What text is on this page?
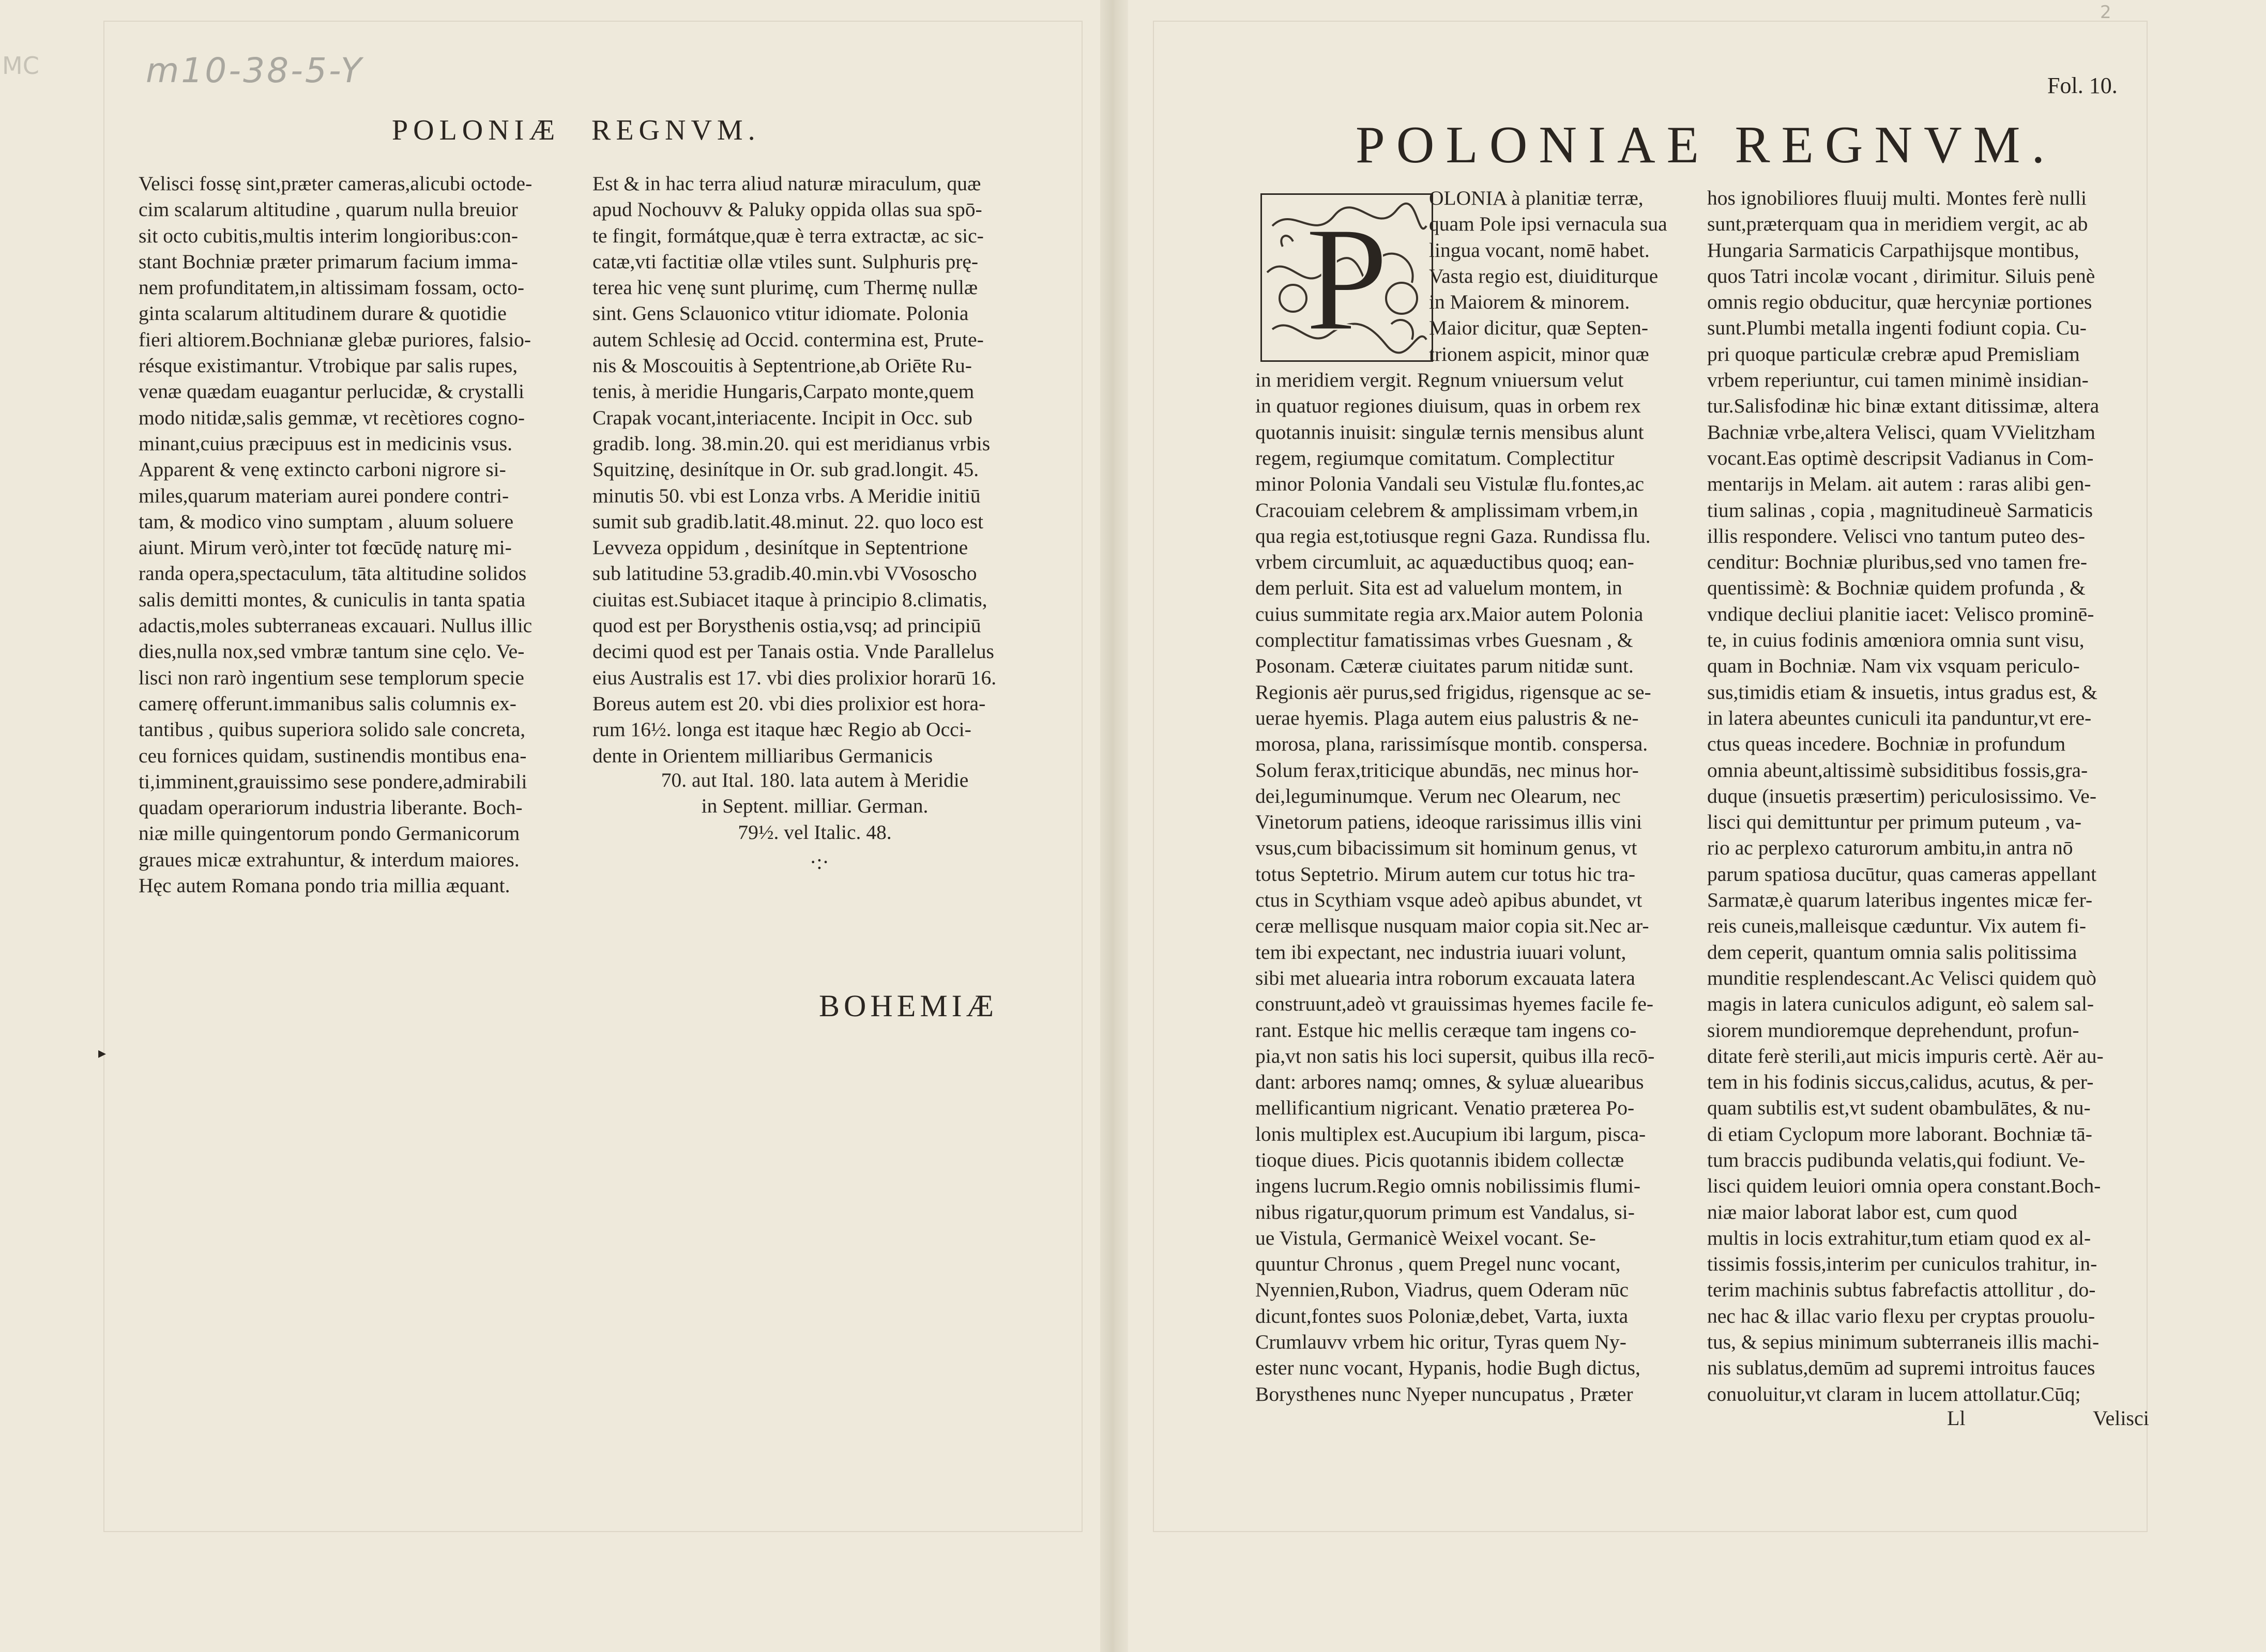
MC	m10-38-5-Y
2
POLONIÆ REGNVM.
Velisci fossę sint,præter cameras,alicubi octode-
cim scalarum altitudine , quarum nulla breuior
sit octo cubitis,multis interim longioribus:con-
stant Bochniæ præter primarum facium imma-
nem profunditatem,in altissimam fossam, octo-
ginta scalarum altitudinem durare & quotidie
fieri altiorem.Bochnianæ glebæ puriores, falsio-
résque existimantur. Vtrobique par salis rupes,
venæ quædam euagantur perlucidæ, & crystalli
modo nitidæ,salis gemmæ, vt recètiores cogno-
minant,cuius præcipuus est in medicinis vsus.
Apparent & venę extincto carboni nigrore si-
miles,quarum materiam aurei pondere contri-
tam, & modico vino sumptam , aluum soluere
aiunt. Mirum verò,inter tot fœcūdę naturę mi-
randa opera,spectaculum, tāta altitudine solidos
salis demitti montes, & cuniculis in tanta spatia
adactis,moles subterraneas excauari. Nullus illic
dies,nulla nox,sed vmbræ tantum sine cęlo. Ve-
lisci non rarò ingentium sese templorum specie
camerę offerunt.immanibus salis columnis ex-
tantibus , quibus superiora solido sale concreta,
ceu fornices quidam, sustinendis montibus ena-
ti,imminent,grauissimo sese pondere,admirabili
quadam operariorum industria liberante. Boch-
niæ mille quingentorum pondo Germanicorum
graues micæ extrahuntur, & interdum maiores.
Hęc autem Romana pondo tria millia æquant.
Est & in hac terra aliud naturæ miraculum, quæ
apud Nochouvv & Paluky oppida ollas sua spō-
te fingit, formátque,quæ è terra extractæ, ac sic-
catæ,vti factitiæ ollæ vtiles sunt. Sulphuris prę-
terea hic venę sunt plurimę, cum Thermę nullæ
sint. Gens Sclauonico vtitur idiomate. Polonia
autem Schlesię ad Occid. contermina est, Prute-
nis & Moscouitis à Septentrione,ab Oriēte Ru-
tenis, à meridie Hungaris,Carpato monte,quem
Crapak vocant,interiacente. Incipit in Occ. sub
gradib. long. 38.min.20. qui est meridianus vrbis
Squitzinę, desinítque in Or. sub grad.longit. 45.
minutis 50. vbi est Lonza vrbs. A Meridie initiū
sumit sub gradib.latit.48.minut. 22. quo loco est
Levveza oppidum , desinítque in Septentrione
sub latitudine 53.gradib.40.min.vbi VVososcho
ciuitas est.Subiacet itaque à principio 8.climatis,
quod est per Borysthenis ostia,vsq; ad principiū
decimi quod est per Tanais ostia. Vnde Parallelus
eius Australis est 17. vbi dies prolixior horarū 16.
Boreus autem est 20. vbi dies prolixior est hora-
rum 16½. longa est itaque hæc Regio ab Occi-
dente in Orientem milliaribus Germanicis
70. aut Ital. 180. lata autem à Meridie
in Septent. milliar. German.
79½. vel Italic. 48.
·:·
BOHEMIÆ
▸
Fol. 10.
POLONIAE REGNVM.
P	OLONIA à planitiæ terræ,
quam Pole ipsi vernacula sua
lingua vocant, nomē habet.
Vasta regio est, diuiditurque
in Maiorem & minorem.
Maior dicitur, quæ Septen-
trionem aspicit, minor quæ
in meridiem vergit. Regnum vniuersum velut
in quatuor regiones diuisum, quas in orbem rex
quotannis inuisit: singulæ ternis mensibus alunt
regem, regiumque comitatum. Complectitur
minor Polonia Vandali seu Vistulæ flu.fontes,ac
Cracouiam celebrem & amplissimam vrbem,in
qua regia est,totiusque regni Gaza. Rundissa flu.
vrbem circumluit, ac aquæductibus quoq; ean-
dem perluit. Sita est ad valuelum montem, in
cuius summitate regia arx.Maior autem Polonia
complectitur famatissimas vrbes Guesnam , &
Posonam. Cæteræ ciuitates parum nitidæ sunt.
Regionis aër purus,sed frigidus, rigensque ac se-
uerae hyemis. Plaga autem eius palustris & ne-
morosa, plana, rarissimísque montib. conspersa.
Solum ferax,triticique abundās, nec minus hor-
dei,leguminumque. Verum nec Olearum, nec
Vinetorum patiens, ideoque rarissimus illis vini
vsus,cum bibacissimum sit hominum genus, vt
totus Septetrio. Mirum autem cur totus hic tra-
ctus in Scythiam vsque adeò apibus abundet, vt
ceræ mellisque nusquam maior copia sit.Nec ar-
tem ibi expectant, nec industria iuuari volunt,
sibi met aluearia intra roborum excauata latera
construunt,adeò vt grauissimas hyemes facile fe-
rant. Estque hic mellis ceræque tam ingens co-
pia,vt non satis his loci supersit, quibus illa recō-
dant: arbores namq; omnes, & syluæ aluearibus
mellificantium nigricant. Venatio præterea Po-
lonis multiplex est.Aucupium ibi largum, pisca-
tioque diues. Picis quotannis ibidem collectæ
ingens lucrum.Regio omnis nobilissimis flumi-
nibus rigatur,quorum primum est Vandalus, si-
ue Vistula, Germanicè Weixel vocant. Se-
quuntur Chronus , quem Pregel nunc vocant,
Nyennien,Rubon, Viadrus, quem Oderam nūc
dicunt,fontes suos Poloniæ,debet, Varta, iuxta
Crumlauvv vrbem hic oritur, Tyras quem Ny-
ester nunc vocant, Hypanis, hodie Bugh dictus,
Borysthenes nunc Nyeper nuncupatus , Præter
hos ignobiliores fluuij multi. Montes ferè nulli
sunt,præterquam qua in meridiem vergit, ac ab
Hungaria Sarmaticis Carpathijsque montibus,
quos Tatri incolæ vocant , dirimitur. Siluis penè
omnis regio obducitur, quæ hercyniæ portiones
sunt.Plumbi metalla ingenti fodiunt copia. Cu-
pri quoque particulæ crebræ apud Premisliam
vrbem reperiuntur, cui tamen minimè insidian-
tur.Salisfodinæ hic binæ extant ditissimæ, altera
Bachniæ vrbe,altera Velisci, quam VVielitzham
vocant.Eas optimè descripsit Vadianus in Com-
mentarijs in Melam. ait autem : raras alibi gen-
tium salinas , copia , magnitudineuè Sarmaticis
illis respondere. Velisci vno tantum puteo des-
cenditur: Bochniæ pluribus,sed vno tamen fre-
quentissimè: & Bochniæ quidem profunda , &
vndique decliui planitie iacet: Velisco prominē-
te, in cuius fodinis amœniora omnia sunt visu,
quam in Bochniæ. Nam vix vsquam periculo-
sus,timidis etiam & insuetis, intus gradus est, &
in latera abeuntes cuniculi ita panduntur,vt ere-
ctus queas incedere. Bochniæ in profundum
omnia abeunt,altissimè subsiditibus fossis,gra-
duque (insuetis præsertim) periculosissimo. Ve-
lisci qui demittuntur per primum puteum , va-
rio ac perplexo caturorum ambitu,in antra nō
parum spatiosa ducūtur, quas cameras appellant
Sarmatæ,è quarum lateribus ingentes micæ fer-
reis cuneis,malleisque cæduntur. Vix autem fi-
dem ceperit, quantum omnia salis politissima
munditie resplendescant.Ac Velisci quidem quò
magis in latera cuniculos adigunt, eò salem sal-
siorem mundioremque deprehendunt, profun-
ditate ferè sterili,aut micis impuris certè. Aër au-
tem in his fodinis siccus,calidus, acutus, & per-
quam subtilis est,vt sudent obambulātes, & nu-
di etiam Cyclopum more laborant. Bochniæ tā-
tum braccis pudibunda velatis,qui fodiunt. Ve-
lisci quidem leuiori omnia opera constant.Boch-
niæ maior laborat labor est, cum quod
multis in locis extrahitur,tum etiam quod ex al-
tissimis fossis,interim per cuniculos trahitur, in-
terim machinis subtus fabrefactis attollitur , do-
nec hac & illac vario flexu per cryptas prouolu-
tus, & sepius minimum subterraneis illis machi-
nis sublatus,demūm ad supremi introitus fauces
conuoluitur,vt claram in lucem attollatur.Cūq;
Ll	Velisci
